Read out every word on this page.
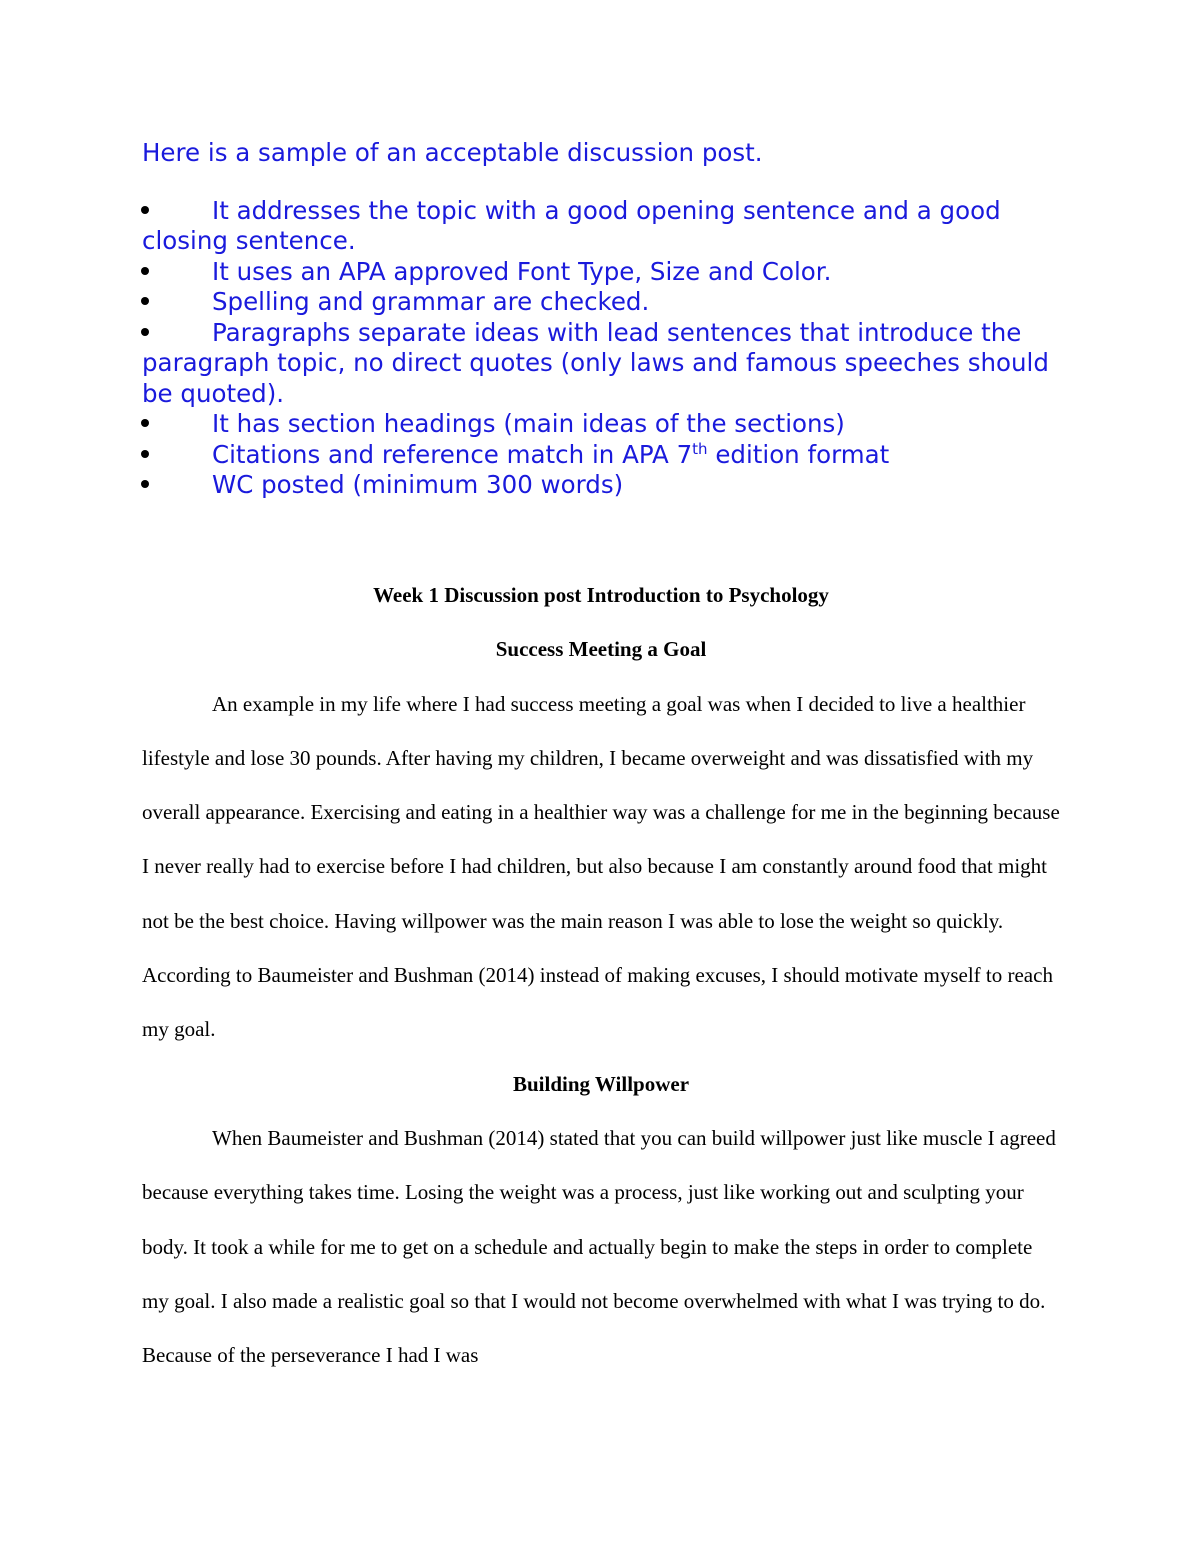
Here is a sample of an acceptable discussion post.

It addresses the topic with a good opening sentence and a good closing sentence.
It uses an APA approved Font Type, Size and Color.
Spelling and grammar are checked.
Paragraphs separate ideas with lead sentences that introduce the paragraph topic, no direct quotes (only laws and famous speeches should be quoted).
It has section headings (main ideas of the sections)
Citations and reference match in APA 7th edition format
WC posted (minimum 300 words)

Week 1 Discussion post Introduction to Psychology

Success Meeting a Goal

An example in my life where I had success meeting a goal was when I decided to live a healthier lifestyle and lose 30 pounds. After having my children, I became overweight and was dissatisfied with my overall appearance. Exercising and eating in a healthier way was a challenge for me in the beginning because I never really had to exercise before I had children, but also because I am constantly around food that might not be the best choice. Having willpower was the main reason I was able to lose the weight so quickly. According to Baumeister and Bushman (2014) instead of making excuses, I should motivate myself to reach my goal.

Building Willpower

When Baumeister and Bushman (2014) stated that you can build willpower just like muscle I agreed because everything takes time. Losing the weight was a process, just like working out and sculpting your body. It took a while for me to get on a schedule and actually begin to make the steps in order to complete my goal. I also made a realistic goal so that I would not become overwhelmed with what I was trying to do. Because of the perseverance I had I was
